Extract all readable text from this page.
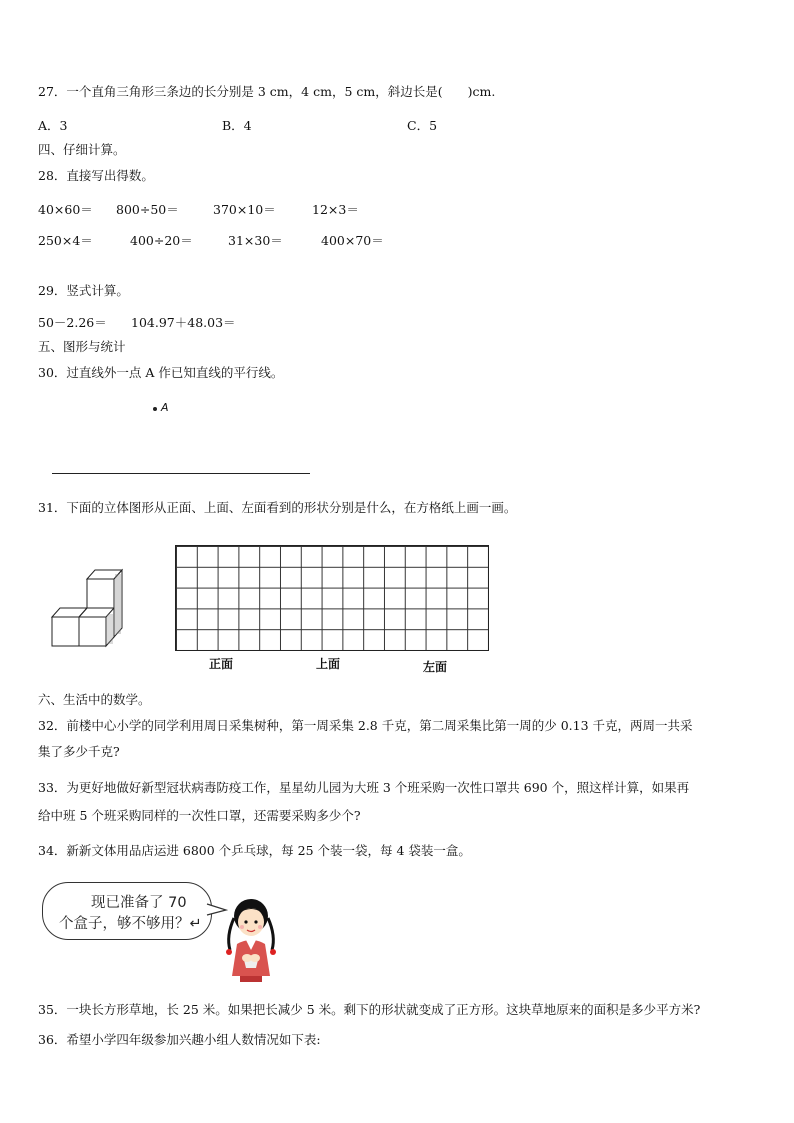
27．一个直角三角形三条边的长分别是 3 cm，4 cm，5 cm，斜边长是(　　)cm.
A．3	B．4	C．5
四、仔细计算。
28．直接写出得数。
40×60＝ 800÷50＝	370×10＝	12×3＝
250×4＝	400÷20＝	31×30＝	400×70＝
29．竖式计算。
50－2.26＝ 104.97＋48.03＝
五、图形与统计
30．过直线外一点 A 作已知直线的平行线。
A
31．下面的立体图形从正面、上面、左面看到的形状分别是什么，在方格纸上画一画。
正面	上面	左面
六、生活中的数学。
32．前楼中心小学的同学利用周日采集树种，第一周采集 2.8 千克，第二周采集比第一周的少 0.13 千克，两周一共采
集了多少千克?
33．为更好地做好新型冠状病毒防疫工作，星星幼儿园为大班 3 个班采购一次性口罩共 690 个，照这样计算，如果再
给中班 5 个班采购同样的一次性口罩，还需要采购多少个?
34．新新文体用品店运进 6800 个乒乓球，每 25 个装一袋，每 4 袋装一盒。
现已准备了 70
个盒子，够不够用？↵
35．一块长方形草地，长 25 米。如果把长减少 5 米。剩下的形状就变成了正方形。这块草地原来的面积是多少平方米?
36．希望小学四年级参加兴趣小组人数情况如下表:
